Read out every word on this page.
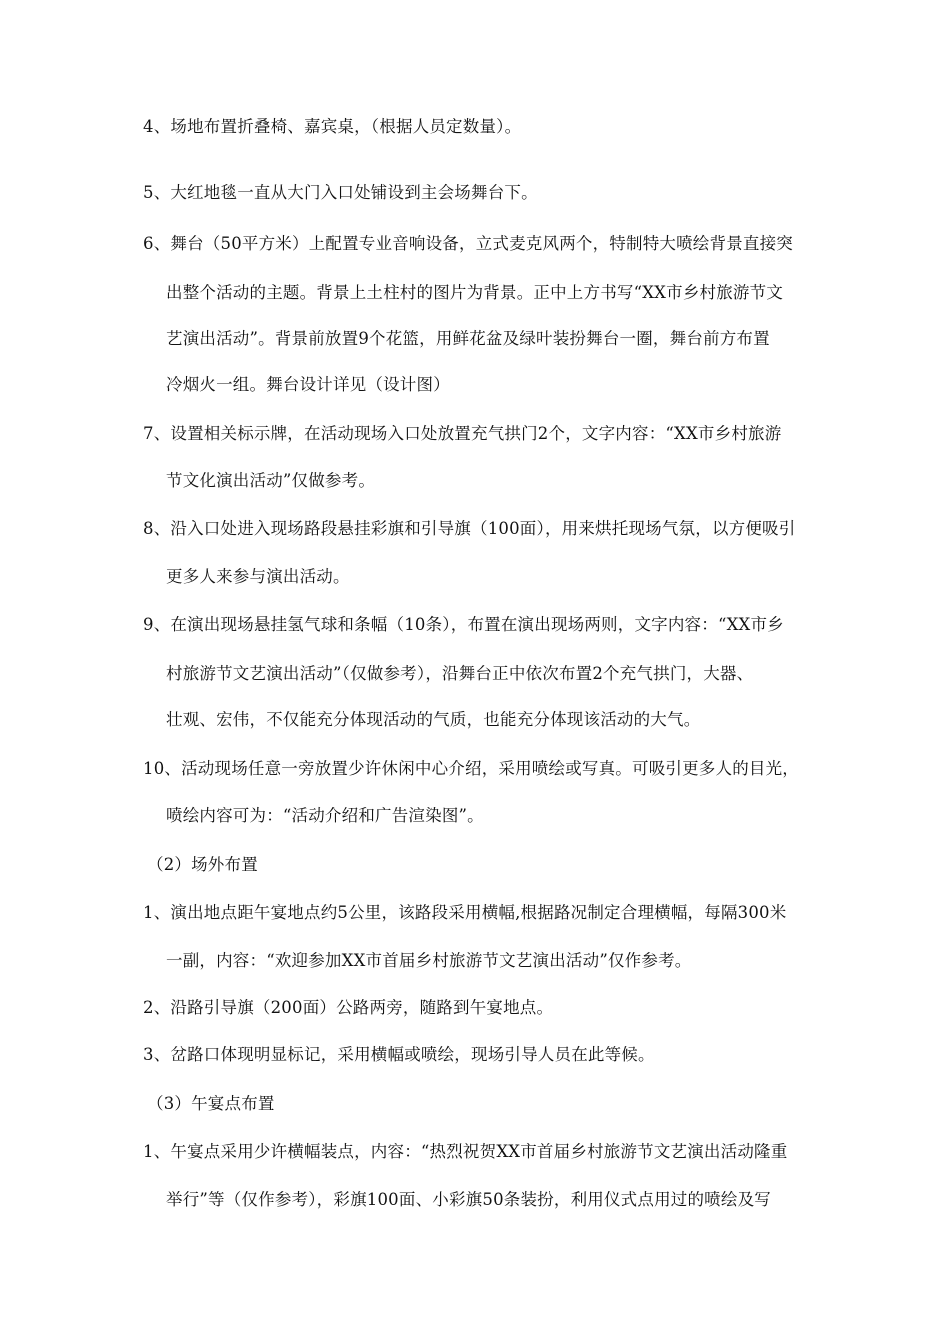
4、场地布置折叠椅、嘉宾桌，（根据人员定数量）。
5、大红地毯一直从大门入口处铺设到主会场舞台下。
6、舞台（50平方米）上配置专业音响设备，立式麦克风两个，特制特大喷绘背景直接突
出整个活动的主题。背景上土柱村的图片为背景。正中上方书写“XX市乡村旅游节文
艺演出活动”。背景前放置9个花篮，用鲜花盆及绿叶装扮舞台一圈，舞台前方布置
冷烟火一组。舞台设计详见（设计图）
7、设置相关标示牌，在活动现场入口处放置充气拱门2个，文字内容：“XX市乡村旅游
节文化演出活动”仅做参考。
8、沿入口处进入现场路段悬挂彩旗和引导旗（100面），用来烘托现场气氛，以方便吸引
更多人来参与演出活动。
9、在演出现场悬挂氢气球和条幅（10条），布置在演出现场两则，文字内容：“XX市乡
村旅游节文艺演出活动”（仅做参考），沿舞台正中依次布置2个充气拱门，大器、
壮观、宏伟，不仅能充分体现活动的气质，也能充分体现该活动的大气。
10、活动现场任意一旁放置少许休闲中心介绍，采用喷绘或写真。可吸引更多人的目光，
喷绘内容可为：“活动介绍和广告渲染图”。
（2）场外布置
1、演出地点距午宴地点约5公里，该路段采用横幅,根据路况制定合理横幅，每隔300米
一副，内容：“欢迎参加XX市首届乡村旅游节文艺演出活动”仅作参考。
2、沿路引导旗（200面）公路两旁，随路到午宴地点。
3、岔路口体现明显标记，采用横幅或喷绘，现场引导人员在此等候。
（3）午宴点布置
1、午宴点采用少许横幅装点，内容：“热烈祝贺XX市首届乡村旅游节文艺演出活动隆重
举行”等（仅作参考），彩旗100面、小彩旗50条装扮，利用仪式点用过的喷绘及写
